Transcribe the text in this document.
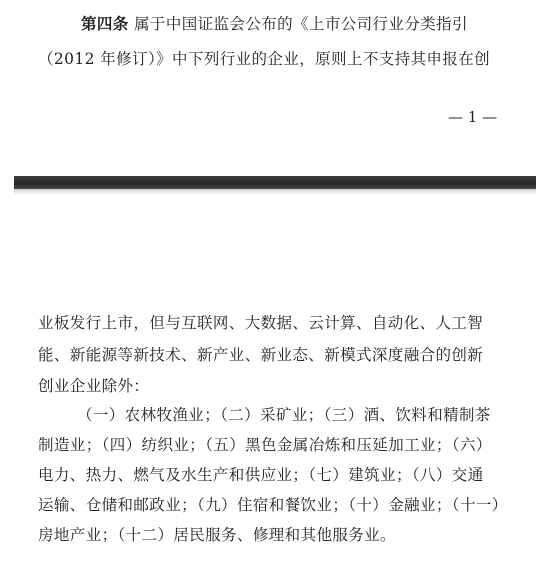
第四条 属于中国证监会公布的《上市公司行业分类指引
（2012 年修订）》中下列行业的企业，原则上不支持其申报在创
— 1 —
业板发行上市，但与互联网、大数据、云计算、自动化、人工智
能、新能源等新技术、新产业、新业态、新模式深度融合的创新
创业企业除外：
（一）农林牧渔业；（二）采矿业；（三）酒、饮料和精制茶
制造业；（四）纺织业；（五）黑色金属冶炼和压延加工业；（六）
电力、热力、燃气及水生产和供应业；（七）建筑业；（八）交通
运输、仓储和邮政业；（九）住宿和餐饮业；（十）金融业；（十一）
房地产业；（十二）居民服务、修理和其他服务业。
